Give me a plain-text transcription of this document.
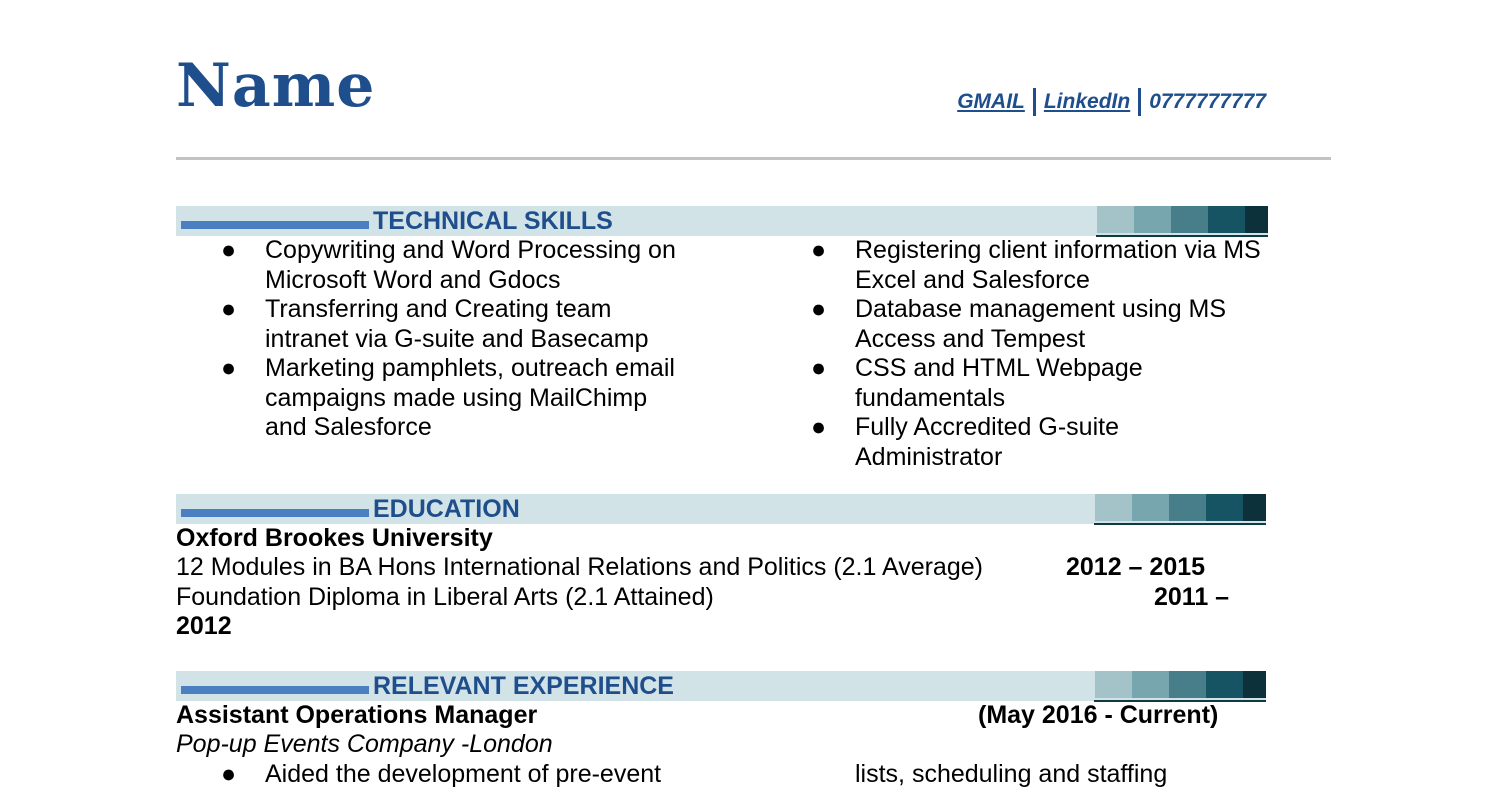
Name	GMAIL LinkedIn 0777777777
TECHNICAL SKILLS
● Copywriting and Word Processing on
Microsoft Word and Gdocs
● Transferring and Creating team
intranet via G-suite and Basecamp
● Marketing pamphlets, outreach email
campaigns made using MailChimp
and Salesforce
● Registering client information via MS
Excel and Salesforce
● Database management using MS
Access and Tempest
● CSS and HTML Webpage
fundamentals
● Fully Accredited G-suite
Administrator
EDUCATION
Oxford Brookes University
12 Modules in BA Hons International Relations and Politics (2.1 Average)	2012 – 2015
Foundation Diploma in Liberal Arts (2.1 Attained)	2011 –
2012
RELEVANT EXPERIENCE
Assistant Operations Manager	(May 2016 - Current)
Pop-up Events Company -London
● Aided the development of pre-event	lists, scheduling and staffing
